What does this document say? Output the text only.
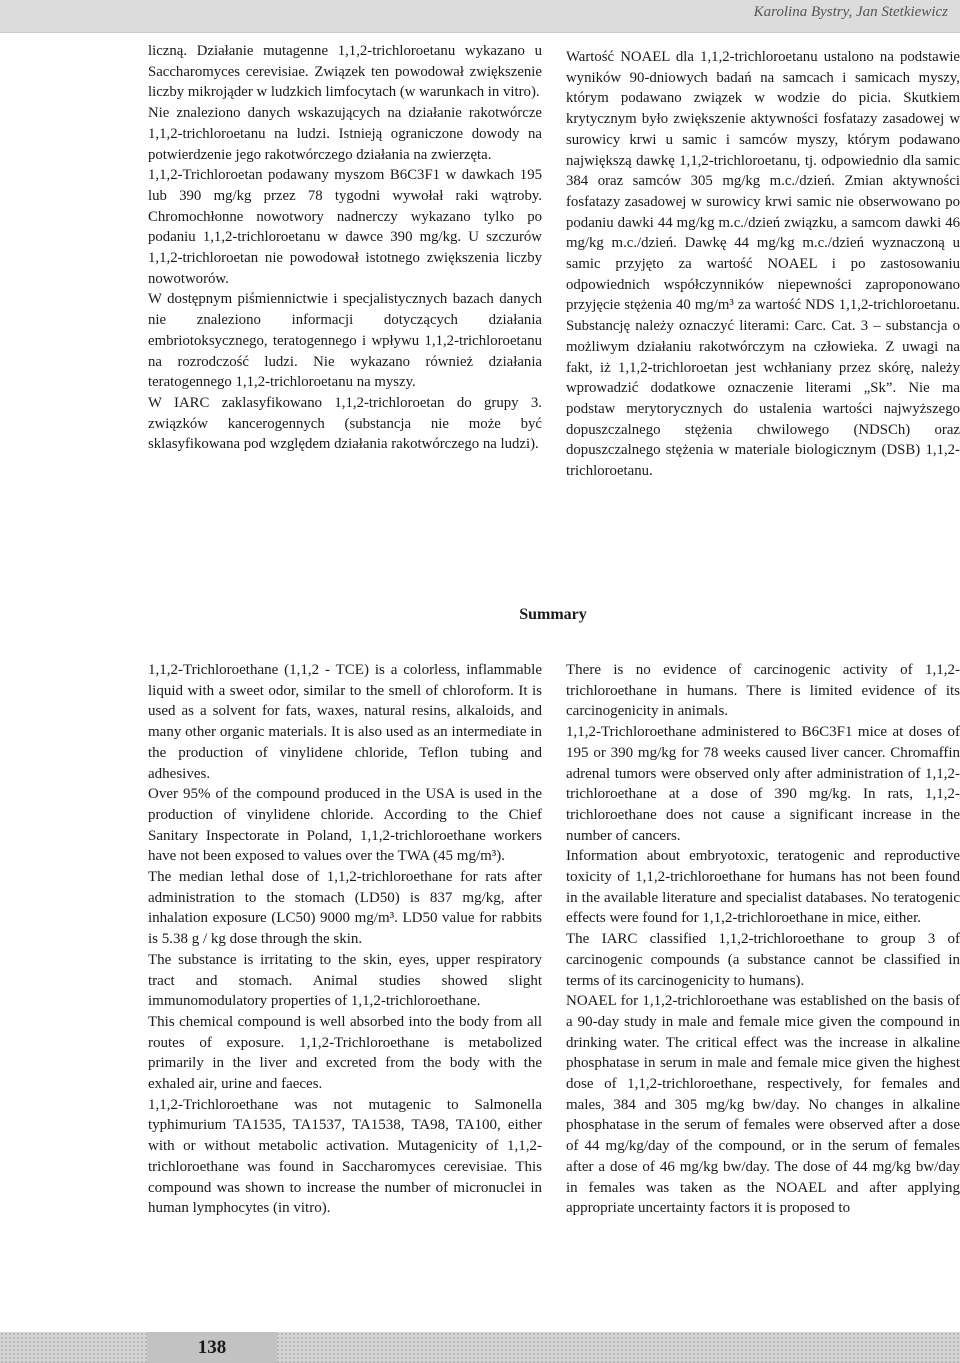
Karolina Bystry, Jan Stetkiewicz

liczną. Działanie mutagenne 1,1,2-trichloroetanu wykazano u Saccharomyces cerevisiae. Związek ten powodował zwiększenie liczby mikrojąder w ludzkich limfocytach (w warunkach in vitro).

Nie znaleziono danych wskazujących na działanie rakotwórcze 1,1,2-trichloroetanu na ludzi. Istnieją ograniczone dowody na potwierdzenie jego rakotwórczego działania na zwierzęta.

1,1,2-Trichloroetan podawany myszom B6C3F1 w dawkach 195 lub 390 mg/kg przez 78 tygodni wywołał raki wątroby. Chromochłonne nowotwory nadnerczy wykazano tylko po podaniu 1,1,2-trichloroetanu w dawce 390 mg/kg. U szczurów 1,1,2-trichloroetan nie powodował istotnego zwiększenia liczby nowotworów.

W dostępnym piśmiennictwie i specjalistycznych bazach danych nie znaleziono informacji dotyczących działania embriotoksycznego, teratogennego i wpływu 1,1,2-trichloroetanu na rozrodczość ludzi. Nie wykazano również działania teratogennego 1,1,2-trichloroetanu na myszy.

W IARC zaklasyfikowano 1,1,2-trichloroetan do grupy 3. związków kancerogennych (substancja nie może być sklasyfikowana pod względem działania rakotwórczego na ludzi).

Wartość NOAEL dla 1,1,2-trichloroetanu ustalono na podstawie wyników 90-dniowych badań na samcach i samicach myszy, którym podawano związek w wodzie do picia. Skutkiem krytycznym było zwiększenie aktywności fosfatazy zasadowej w surowicy krwi u samic i samców myszy, którym podawano największą dawkę 1,1,2-trichloroetanu, tj. odpowiednio dla samic 384 oraz samców 305 mg/kg m.c./dzień. Zmian aktywności fosfatazy zasadowej w surowicy krwi samic nie obserwowano po podaniu dawki 44 mg/kg m.c./dzień związku, a samcom dawki 46 mg/kg m.c./dzień. Dawkę 44 mg/kg m.c./dzień wyznaczoną u samic przyjęto za wartość NOAEL i po zastosowaniu odpowiednich współczynników niepewności zaproponowano przyjęcie stężenia 40 mg/m³ za wartość NDS 1,1,2-trichloroetanu. Substancję należy oznaczyć literami: Carc. Cat. 3 – substancja o możliwym działaniu rakotwórczym na człowieka. Z uwagi na fakt, iż 1,1,2-trichloroetan jest wchłaniany przez skórę, należy wprowadzić dodatkowe oznaczenie literami „Sk”. Nie ma podstaw merytorycznych do ustalenia wartości najwyższego dopuszczalnego stężenia chwilowego (NDSCh) oraz dopuszczalnego stężenia w materiale biologicznym (DSB) 1,1,2-trichloroetanu.

Summary

1,1,2-Trichloroethane (1,1,2 - TCE) is a colorless, inflammable liquid with a sweet odor, similar to the smell of chloroform. It is used as a solvent for fats, waxes, natural resins, alkaloids, and many other organic materials. It is also used as an intermediate in the production of vinylidene chloride, Teflon tubing and adhesives.

Over 95% of the compound produced in the USA is used in the production of vinylidene chloride. According to the Chief Sanitary Inspectorate in Poland, 1,1,2-trichloroethane workers have not been exposed to values over the TWA (45 mg/m³).

The median lethal dose of 1,1,2-trichloroethane for rats after administration to the stomach (LD50) is 837 mg/kg, after inhalation exposure (LC50) 9000 mg/m³. LD50 value for rabbits is 5.38 g / kg dose through the skin.

The substance is irritating to the skin, eyes, upper respiratory tract and stomach. Animal studies showed slight immunomodulatory properties of 1,1,2-trichloroethane.

This chemical compound is well absorbed into the body from all routes of exposure. 1,1,2-Trichloroethane is metabolized primarily in the liver and excreted from the body with the exhaled air, urine and faeces.

1,1,2-Trichloroethane was not mutagenic to Salmonella typhimurium TA1535, TA1537, TA1538, TA98, TA100, either with or without metabolic activation. Mutagenicity of 1,1,2-trichloroethane was found in Saccharomyces cerevisiae. This compound was shown to increase the number of micronuclei in human lymphocytes (in vitro).

There is no evidence of carcinogenic activity of 1,1,2-trichloroethane in humans. There is limited evidence of its carcinogenicity in animals.

1,1,2-Trichloroethane administered to B6C3F1 mice at doses of 195 or 390 mg/kg for 78 weeks caused liver cancer. Chromaffin adrenal tumors were observed only after administration of 1,1,2-trichloroethane at a dose of 390 mg/kg. In rats, 1,1,2-trichloroethane does not cause a significant increase in the number of cancers.

Information about embryotoxic, teratogenic and reproductive toxicity of 1,1,2-trichloroethane for humans has not been found in the available literature and specialist databases. No teratogenic effects were found for 1,1,2-trichloroethane in mice, either.

The IARC classified 1,1,2-trichloroethane to group 3 of carcinogenic compounds (a substance cannot be classified in terms of its carcinogenicity to humans).

NOAEL for 1,1,2-trichloroethane was established on the basis of a 90-day study in male and female mice given the compound in drinking water. The critical effect was the increase in alkaline phosphatase in serum in male and female mice given the highest dose of 1,1,2-trichloroethane, respectively, for females and males, 384 and 305 mg/kg bw/day. No changes in alkaline phosphatase in the serum of females were observed after a dose of 44 mg/kg/day of the compound, or in the serum of females after a dose of 46 mg/kg bw/day. The dose of 44 mg/kg bw/day in females was taken as the NOAEL and after applying appropriate uncertainty factors it is proposed to

138
